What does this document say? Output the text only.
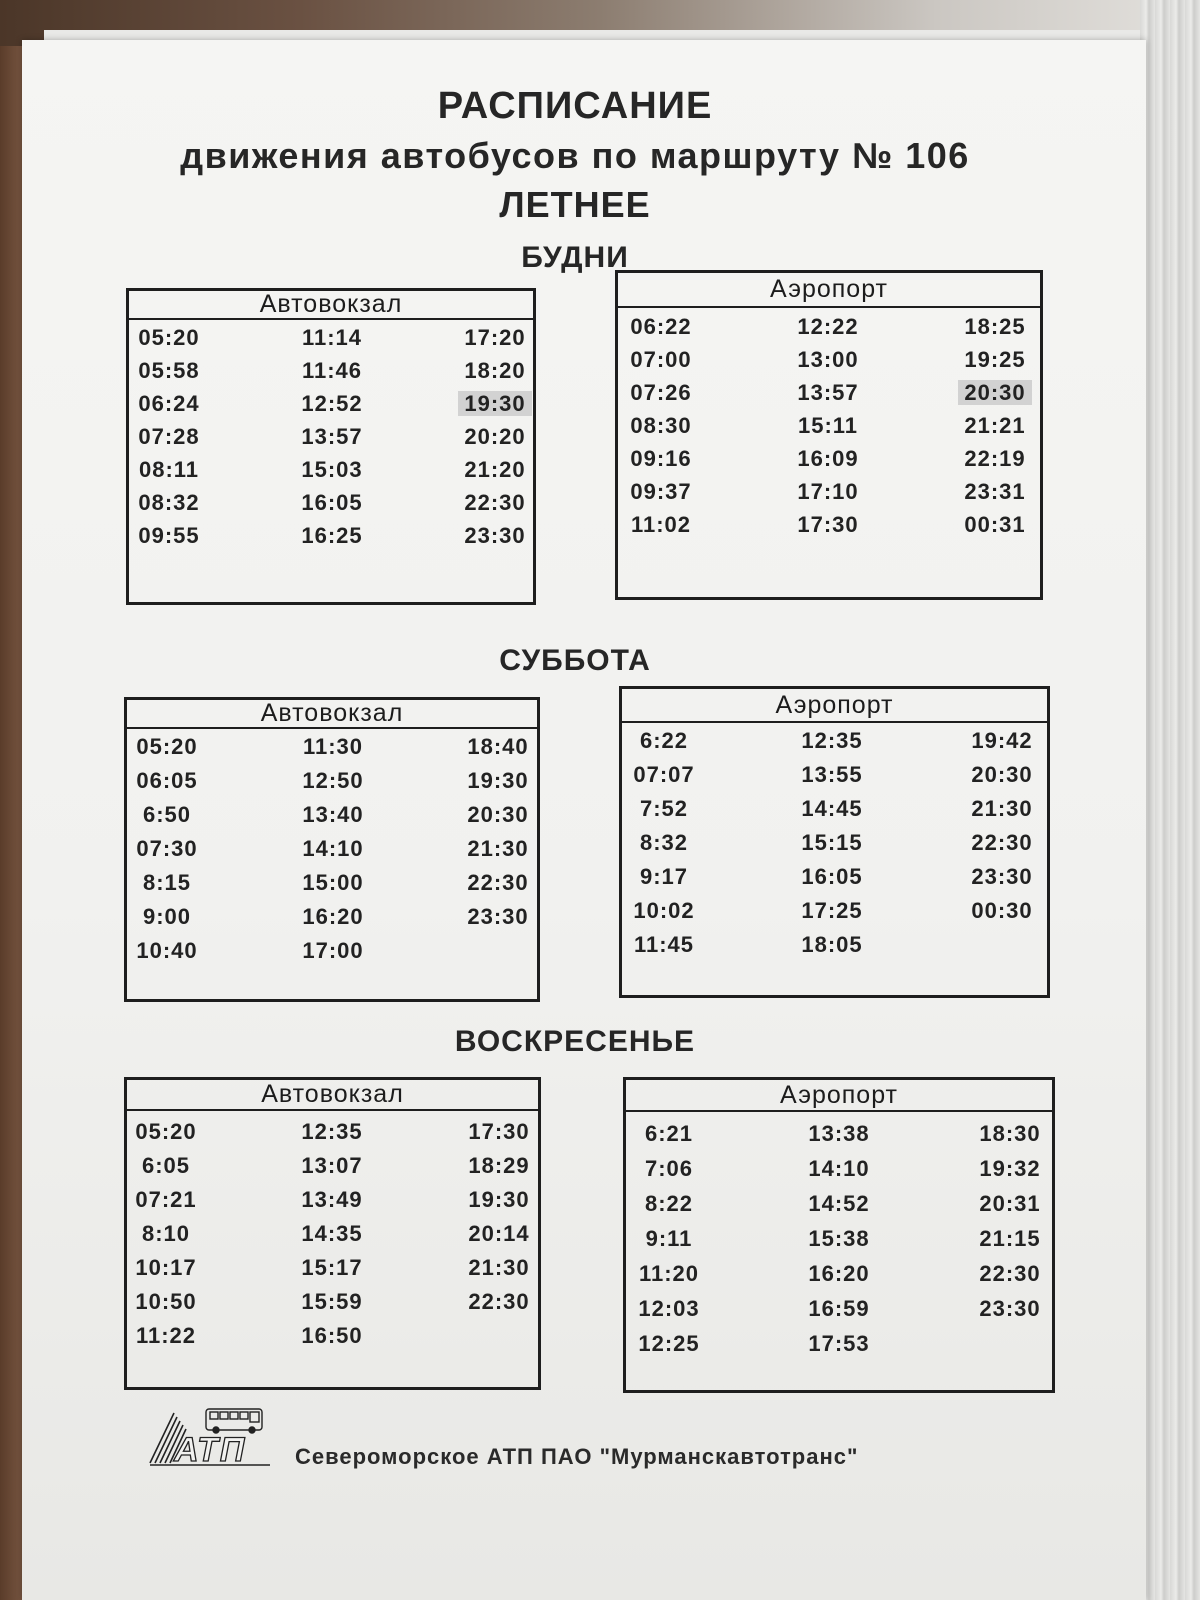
РАСПИСАНИЕ
движения автобусов по маршруту № 106
ЛЕТНЕЕ
БУДНИ
Автовокзал
05:20
05:58
06:24
07:28
08:11
08:32
09:55
11:14
11:46
12:52
13:57
15:03
16:05
16:25
17:20
18:20
19:30
20:20
21:20
22:30
23:30
Аэропорт
06:22
07:00
07:26
08:30
09:16
09:37
11:02
12:22
13:00
13:57
15:11
16:09
17:10
17:30
18:25
19:25
20:30
21:21
22:19
23:31
00:31
СУББОТА
Автовокзал
05:20
06:05
6:50
07:30
8:15
9:00
10:40
11:30
12:50
13:40
14:10
15:00
16:20
17:00
18:40
19:30
20:30
21:30
22:30
23:30
Аэропорт
6:22
07:07
7:52
8:32
9:17
10:02
11:45
12:35
13:55
14:45
15:15
16:05
17:25
18:05
19:42
20:30
21:30
22:30
23:30
00:30
ВОСКРЕСЕНЬЕ
Автовокзал
05:20
6:05
07:21
8:10
10:17
10:50
11:22
12:35
13:07
13:49
14:35
15:17
15:59
16:50
17:30
18:29
19:30
20:14
21:30
22:30
Аэропорт
6:21
7:06
8:22
9:11
11:20
12:03
12:25
13:38
14:10
14:52
15:38
16:20
16:59
17:53
18:30
19:32
20:31
21:15
22:30
23:30
АТП Североморское АТП ПАО "Мурманскавтотранс"
